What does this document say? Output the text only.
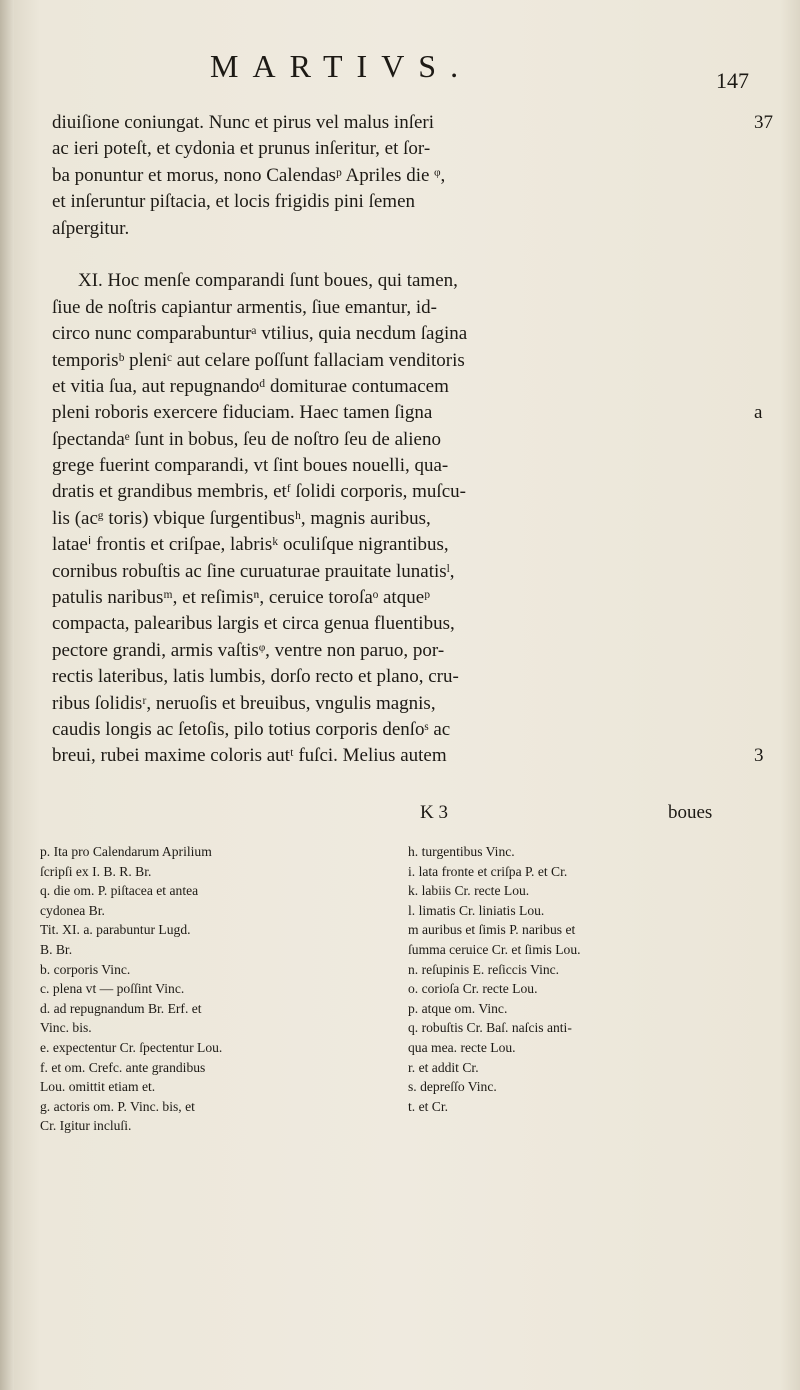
MARTIVS.	147
diuiſione coniungat. Nunc et pirus vel malus inſeri	37
ac ieri poteſt, et cydonia et prunus inſeritur, et ſor-
ba ponuntur et morus, nono Calendasᵖ Apriles die ᵠ,
et inſeruntur piſtacia, et locis frigidis pini ſemen
aſpergitur.
XI. Hoc menſe comparandi ſunt boues, qui tamen,
ſiue de noſtris capiantur armentis, ſiue emantur, id-
circo nunc comparabunturᵃ vtilius, quia necdum ſagina
temporisᵇ pleniᶜ aut celare poſſunt fallaciam venditoris
et vitia ſua, aut repugnandoᵈ domiturae contumacem
pleni roboris exercere fiduciam. Haec tamen ſigna	a
ſpectandaᵉ ſunt in bobus, ſeu de noſtro ſeu de alieno
grege fuerint comparandi, vt ſint boues nouelli, qua-
dratis et grandibus membris, etᶠ ſolidi corporis, muſcu-
lis (acᵍ toris) vbique ſurgentibusʰ, magnis auribus,
lataeⁱ frontis et criſpae, labrisᵏ oculiſque nigrantibus,
cornibus robuſtis ac ſine curuaturae prauitate lunatisˡ,
patulis naribusᵐ, et reſimisⁿ, ceruice toroſaᵒ atqueᵖ
compacta, palearibus largis et circa genua fluentibus,
pectore grandi, armis vaſtisᵠ, ventre non paruo, por-
rectis lateribus, latis lumbis, dorſo recto et plano, cru-
ribus ſolidisʳ, neruoſis et breuibus, vngulis magnis,
caudis longis ac ſetoſis, pilo totius corporis denſoˢ ac
breui, rubei maxime coloris autᵗ fuſci. Melius autem	3
K 3	boues
p. Ita pro Calendarum Aprilium
ſcripſi ex I. B. R. Br.
q. die om. P. piſtacea et antea
cydonea Br.
Tit. XI. a. parabuntur Lugd.
B. Br.
b. corporis Vinc.
c. plena vt — poſſint Vinc.
d. ad repugnandum Br. Erf. et
Vinc. bis.
e. expectentur Cr. ſpectentur Lou.
f. et om. Crefc. ante grandibus
Lou. omittit etiam et.
g. actoris om. P. Vinc. bis, et
Cr. Igitur incluſi.
h. turgentibus Vinc.
i. lata fronte et criſpa P. et Cr.
k. labiis Cr. recte Lou.
l. limatis Cr. liniatis Lou.
m auribus et ſimis P. naribus et
ſumma ceruice Cr. et ſimis Lou.
n. reſupinis E. reſiccis Vinc.
o. corioſa Cr. recte Lou.
p. atque om. Vinc.
q. robuſtis Cr. Baſ. naſcis anti-
qua mea. recte Lou.
r. et addit Cr.
s. depreſſo Vinc.
t. et Cr.
